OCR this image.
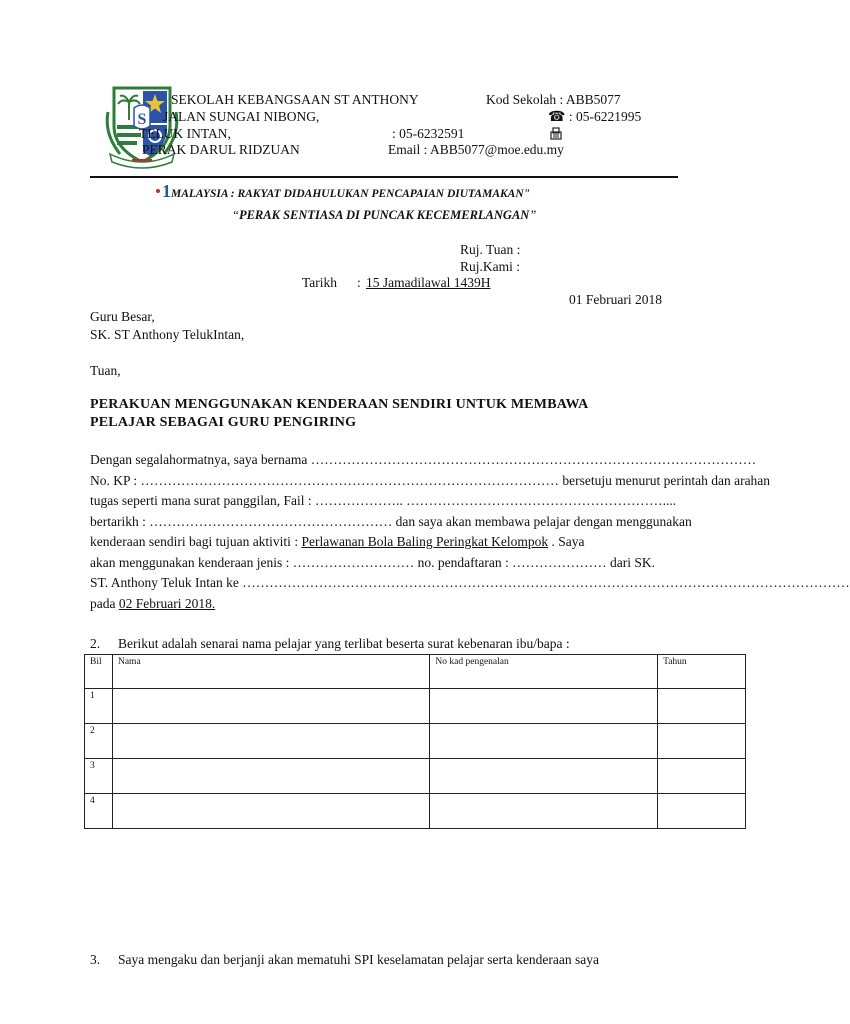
S
SEKOLAH KEBANGSAAN ST ANTHONY
JALAN SUNGAI NIBONG,
TELUK INTAN,
PERAK DARUL RIDZUAN
Kod Sekolah : ABB5077
☎ : 05-6221995
: 05-6232591
Email : ABB5077@moe.edu.my
1 MALAYSIA : RAKYAT DIDAHULUKAN PENCAPAIAN DIUTAMAKAN"
“PERAK SENTIASA DI PUNCAK KECEMERLANGAN”
Ruj. Tuan :
Ruj.Kami :
Tarikh : 15 Jamadilawal 1439H
01 Februari 2018
Guru Besar,
SK. ST Anthony TelukIntan,
Tuan,
PERAKUAN MENGGUNAKAN KENDERAAN SENDIRI UNTUK MEMBAWA
PELAJAR SEBAGAI GURU PENGIRING
Dengan segalahormatnya, saya bernama ………………………………………………………………………………………
No. KP : ………………………………………………………………………………… bersetuju menurut perintah dan arahan
tugas seperti mana surat panggilan, Fail : ……………….. …………………………………………………....
bertarikh : ……………………………………………… dan saya akan membawa pelajar dengan menggunakan
kenderaan sendiri bagi tujuan aktiviti : Perlawanan Bola Baling Peringkat Kelompok . Saya
akan menggunakan kenderaan jenis : ……………………… no. pendaftaran : ………………… dari SK.
ST. Anthony Teluk Intan ke ………………………………………………………………………………………………………………………
pada 02 Februari 2018.
2. Berikut adalah senarai nama pelajar yang terlibat beserta surat kebenaran ibu/bapa :
Bil	Nama	No kad pengenalan	Tahun
1			
2			
3			
4			
3. Saya mengaku dan berjanji akan mematuhi SPI keselamatan pelajar serta kenderaan saya
